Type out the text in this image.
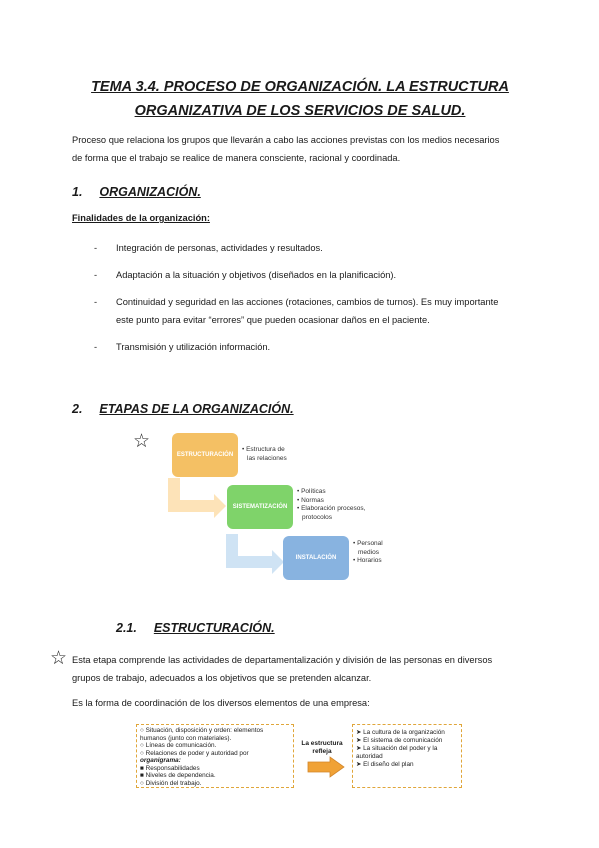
TEMA 3.4. PROCESO DE ORGANIZACIÓN. LA ESTRUCTURA
ORGANIZATIVA DE LOS SERVICIOS DE SALUD.
Proceso que relaciona los grupos que llevarán a cabo las acciones previstas con los medios necesarios
de forma que el trabajo se realice de manera consciente, racional y coordinada.
1. ORGANIZACIÓN.
Finalidades de la organización:
- Integración de personas, actividades y resultados.
- Adaptación a la situación y objetivos (diseñados en la planificación).
- Continuidad y seguridad en las acciones (rotaciones, cambios de turnos). Es muy importante
este punto para evitar “errores” que pueden ocasionar daños en el paciente.
- Transmisión y utilización información.
2. ETAPAS DE LA ORGANIZACIÓN.
☆
ESTRUCTURACIÓN
SISTEMATIZACIÓN
INSTALACIÓN
• Estructura de
las relaciones
• Políticas
• Normas
• Elaboración procesos,
protocolos
• Personal
medios
• Horarios
2.1. ESTRUCTURACIÓN.
☆ Esta etapa comprende las actividades de departamentalización y división de las personas en diversos
grupos de trabajo, adecuados a los objetivos que se pretenden alcanzar.
Es la forma de coordinación de los diversos elementos de una empresa:
○ Situación, disposición y orden: elementos
humanos (junto con materiales).
○ Líneas de comunicación.
○ Relaciones de poder y autoridad por
organigrama:
■ Responsabilidades
■ Niveles de dependencia.
○ División del trabajo.
La estructura
refleja
➤ La cultura de la organización
➤ El sistema de comunicación
➤ La situación del poder y la
autoridad
➤ El diseño del plan
